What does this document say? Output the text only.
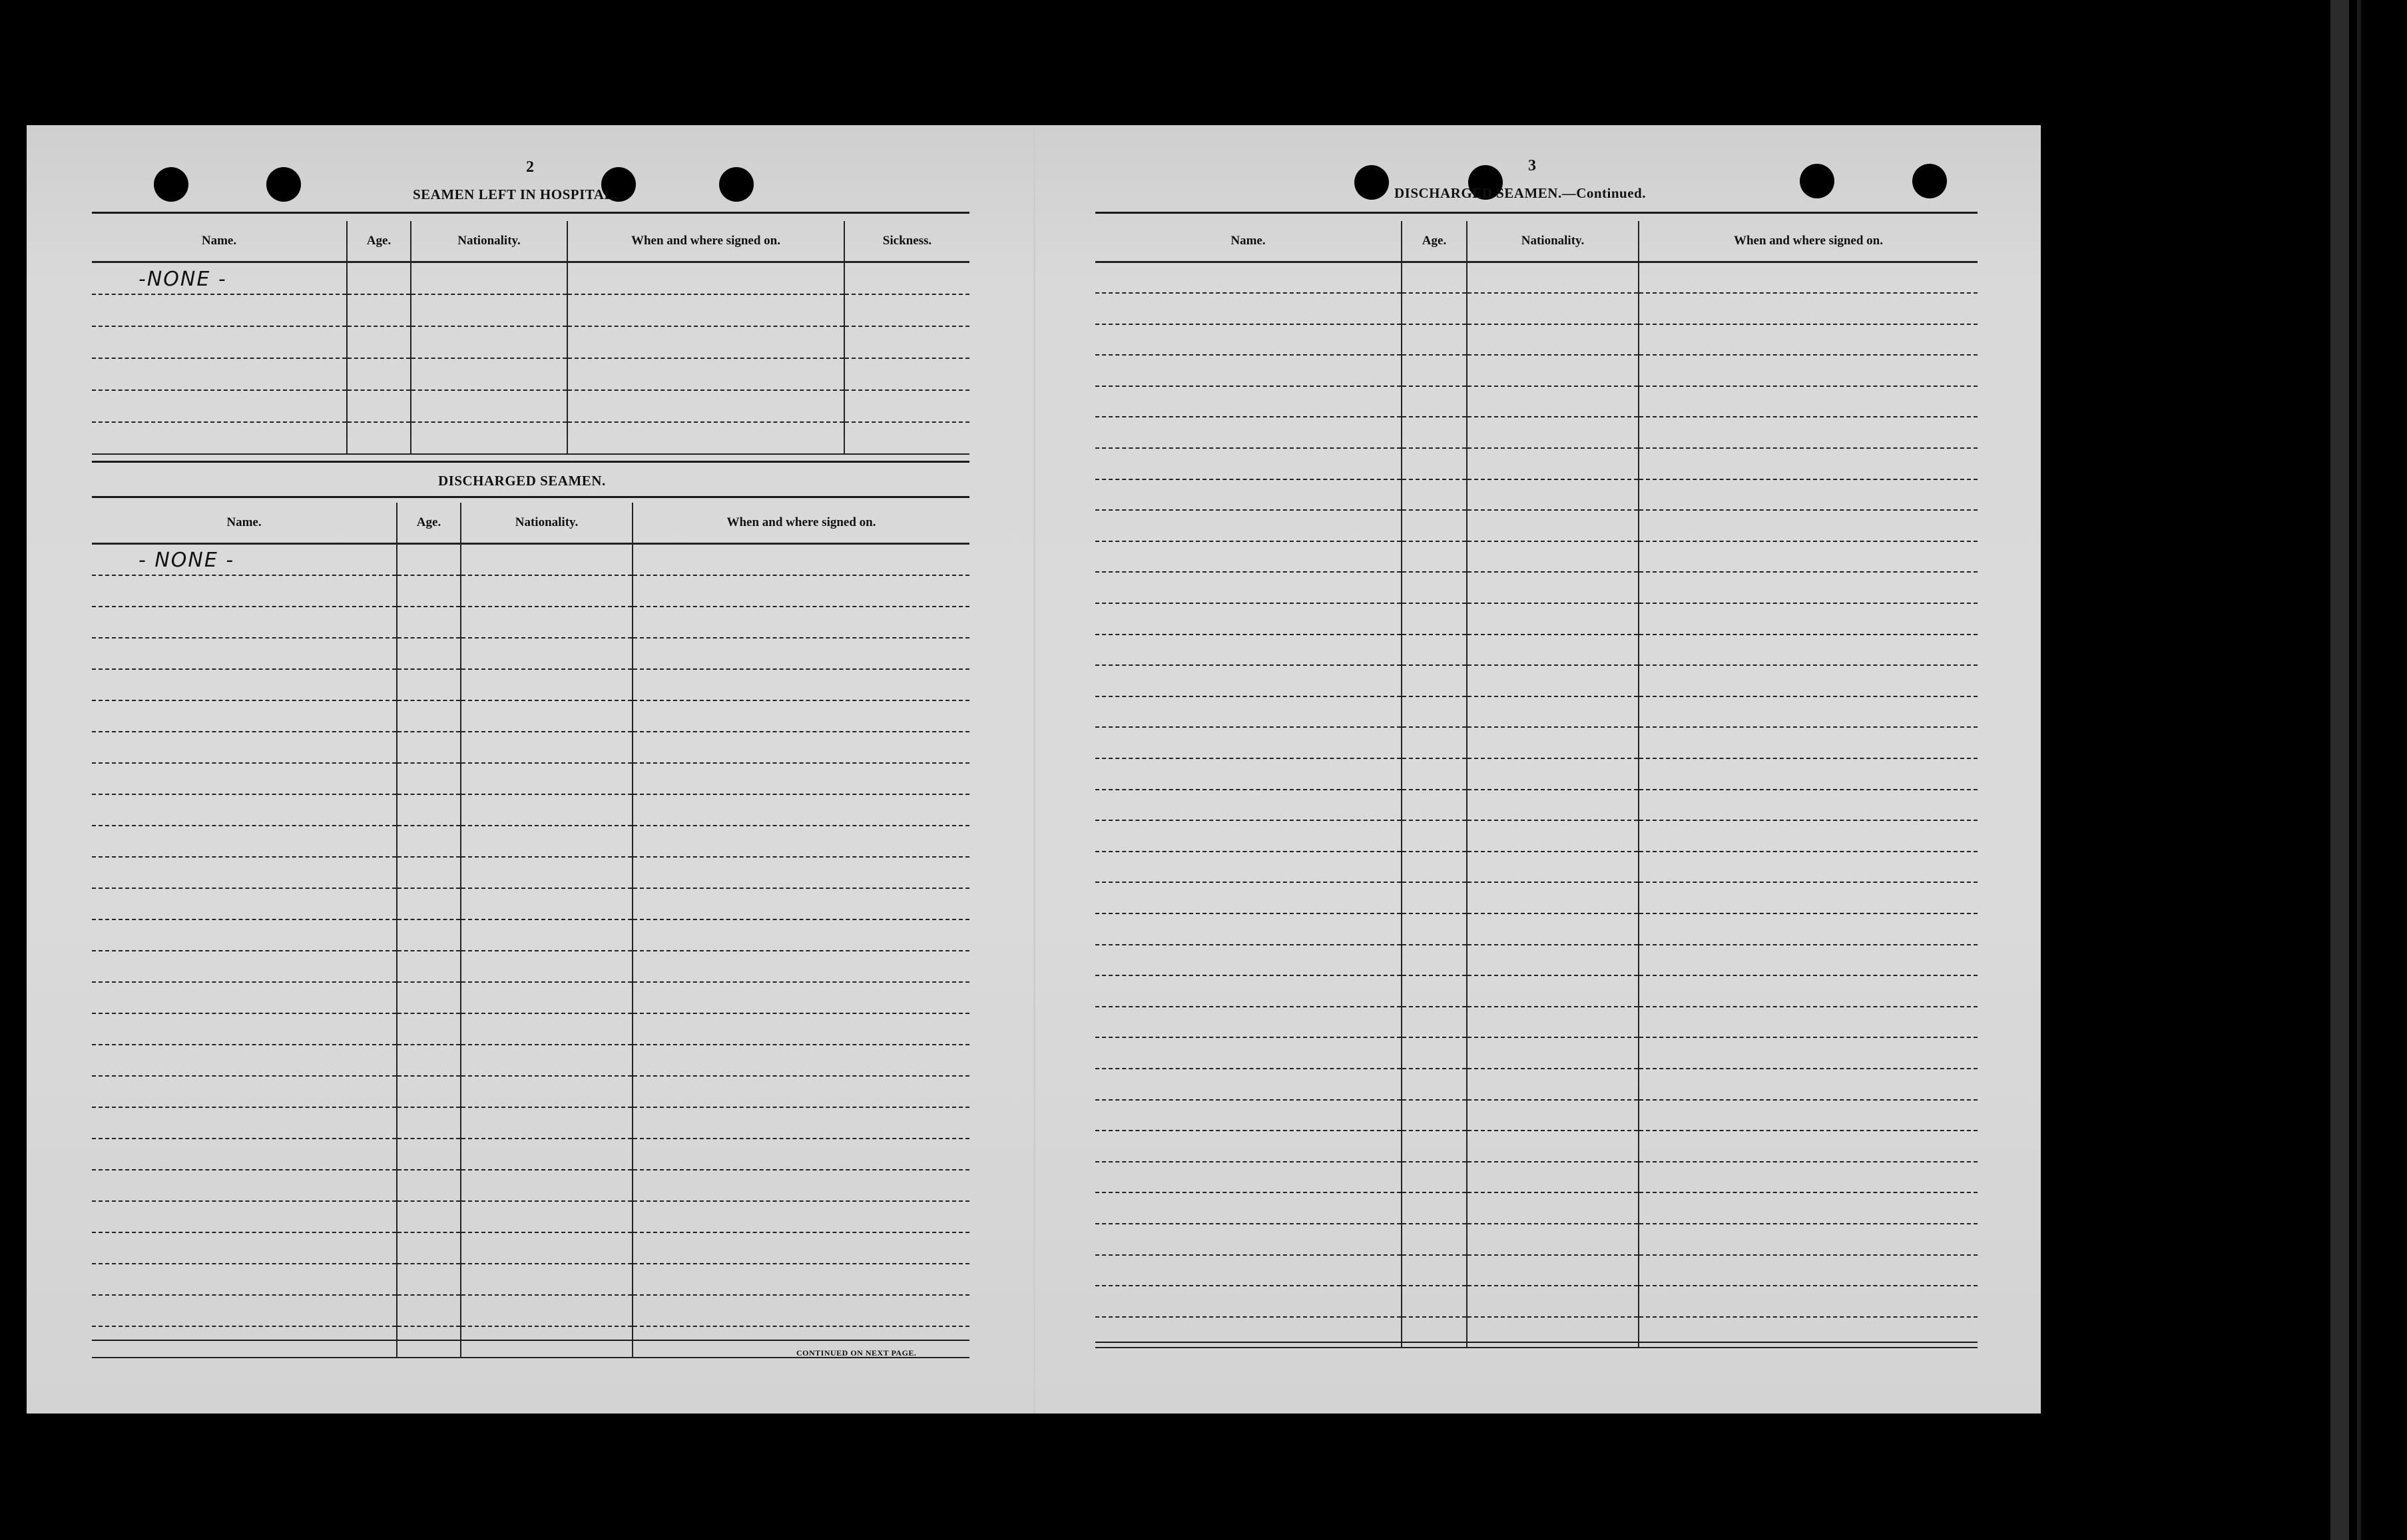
2
SEAMEN LEFT IN HOSPITAL.
Name.	Age.	Nationality.	When and where signed on.	Sickness.
-NONE -				

DISCHARGED SEAMEN.
Name.	Age.	Nationality.	When and where signed on.
- NONE -			

CONTINUED ON NEXT PAGE.
3
DISCHARGED SEAMEN.—Continued.
Name.	Age.	Nationality.	When and where signed on.
